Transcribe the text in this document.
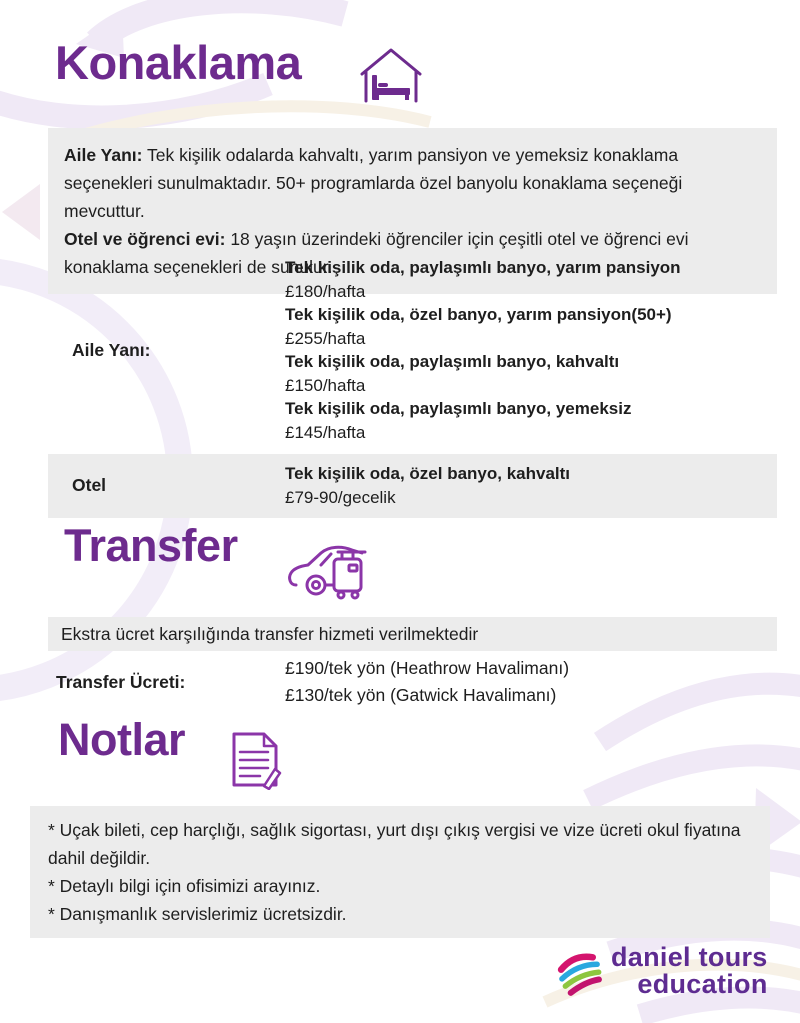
Konaklama

Aile Yanı: Tek kişilik odalarda kahvaltı, yarım pansiyon ve yemeksiz konaklama seçenekleri sunulmaktadır. 50+ programlarda özel banyolu konaklama seçeneği mevcuttur.

Otel ve öğrenci evi: 18 yaşın üzerindeki öğrenciler için çeşitli otel ve öğrenci evi konaklama seçenekleri de sunulur.

Aile Yanı:

Tek kişilik oda, paylaşımlı banyo, yarım pansiyon

£180/hafta

Tek kişilik oda, özel banyo, yarım pansiyon(50+)

£255/hafta

Tek kişilik oda, paylaşımlı banyo, kahvaltı

£150/hafta

Tek kişilik oda, paylaşımlı banyo, yemeksiz

£145/hafta

Otel

Tek kişilik oda, özel banyo, kahvaltı

£79-90/gecelik

Transfer
Ekstra ücret karşılığında transfer hizmeti verilmektedir
Transfer Ücreti:

£190/tek yön (Heathrow Havalimanı)

£130/tek yön (Gatwick Havalimanı)

Notlar

* Uçak bileti, cep harçlığı, sağlık sigortası, yurt dışı çıkış vergisi ve vize ücreti okul fiyatına dahil değildir.

* Detaylı bilgi için ofisimizi arayınız.

* Danışmanlık servislerimiz ücretsizdir.

daniel tours
education
